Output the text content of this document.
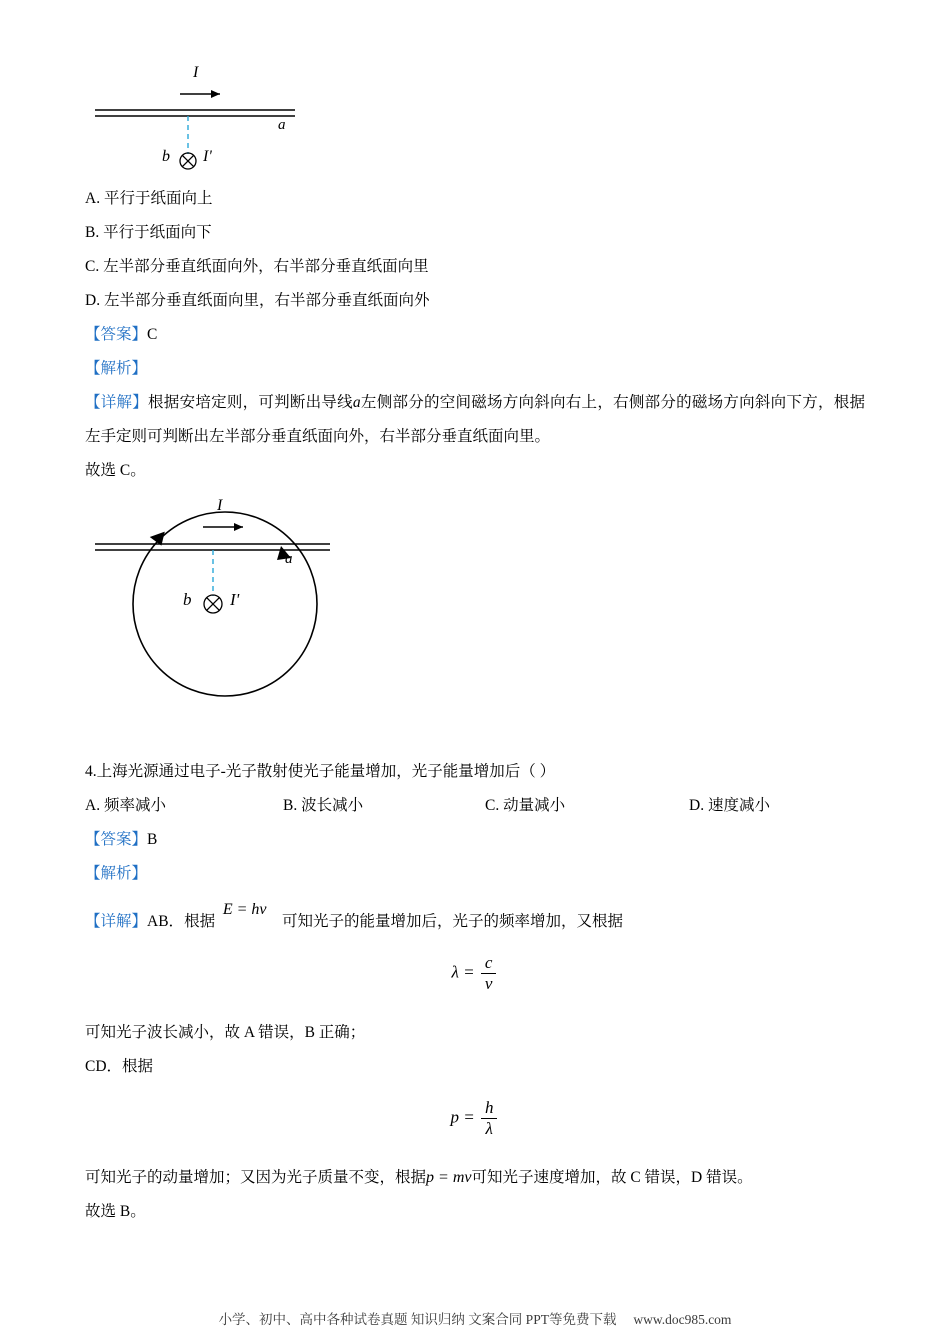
I
a
b I'
A. 平行于纸面向上
B. 平行于纸面向下
C. 左半部分垂直纸面向外，右半部分垂直纸面向里
D. 左半部分垂直纸面向里，右半部分垂直纸面向外
【答案】C
【解析】
【详解】根据安培定则，可判断出导线a左侧部分的空间磁场方向斜向右上，右侧部分的磁场方向斜向下方，根据左手定则可判断出左半部分垂直纸面向外，右半部分垂直纸面向里。
故选 C。
I
a
b I'
4.上海光源通过电子-光子散射使光子能量增加，光子能量增加后（ ）
A. 频率减小	B. 波长减小	C. 动量减小	D. 速度减小
【答案】B
【解析】
【详解】AB．根据  E = hν    可知光子的能量增加后，光子的频率增加，又根据
$\lambda = \frac{c}{\nu}$
可知光子波长减小，故 A 错误，B 正确；
CD．根据
$p = \frac{h}{\lambda}$
可知光子的动量增加；又因为光子质量不变，根据p = mv可知光子速度增加，故 C 错误，D 错误。
故选 B。
小学、初中、高中各种试卷真题 知识归纳 文案合同 PPT等免费下载 www.doc985.com
